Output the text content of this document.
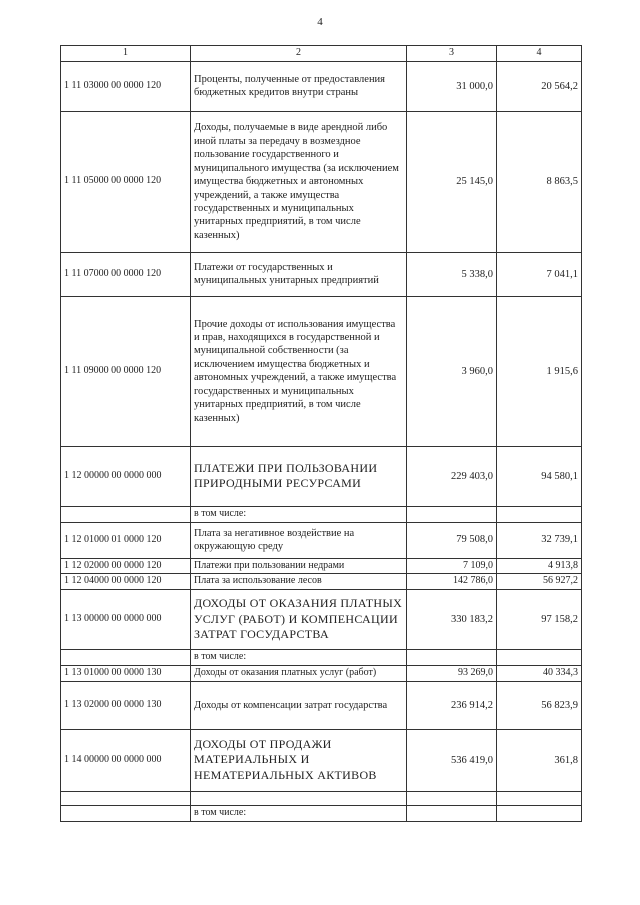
4
1	2	3	4
1 11 03000 00 0000 120	Проценты, полученные от предоставления бюджетных кредитов внутри страны	31 000,0	20 564,2
1 11 05000 00 0000 120	Доходы, получаемые в виде арендной либо иной платы за передачу в возмездное пользование государственного и муниципального имущества (за исключением имущества бюджетных и автономных учреждений, а также имущества государственных и муниципальных унитарных предприятий, в том числе казенных)	25 145,0	8 863,5
1 11 07000 00 0000 120	Платежи от государственных и муниципальных унитарных предприятий	5 338,0	7 041,1
1 11 09000 00 0000 120	Прочие доходы от использования имущества и прав, находящихся в государственной и муниципальной собственности (за исключением имущества бюджетных и автономных учреждений, а также имущества государственных и муниципальных унитарных предприятий, в том числе казенных)	3 960,0	1 915,6
1 12 00000 00 0000 000	ПЛАТЕЖИ ПРИ ПОЛЬЗОВАНИИ ПРИРОДНЫМИ РЕСУРСАМИ	229 403,0	94 580,1
	в том числе:		
1 12 01000 01 0000 120	Плата за негативное воздействие на окружающую среду	79 508,0	32 739,1
1 12 02000 00 0000 120	Платежи при пользовании недрами	7 109,0	4 913,8
1 12 04000 00 0000 120	Плата за использование лесов	142 786,0	56 927,2
1 13 00000 00 0000 000	ДОХОДЫ ОТ ОКАЗАНИЯ ПЛАТНЫХ УСЛУГ (РАБОТ) И КОМПЕНСАЦИИ ЗАТРАТ ГОСУДАРСТВА	330 183,2	97 158,2
	в том числе:		
1 13 01000 00 0000 130	Доходы от оказания платных услуг (работ)	93 269,0	40 334,3
1 13 02000 00 0000 130	Доходы от компенсации затрат государства	236 914,2	56 823,9
1 14 00000 00 0000 000	ДОХОДЫ ОТ ПРОДАЖИ МАТЕРИАЛЬНЫХ И НЕМАТЕРИАЛЬНЫХ АКТИВОВ	536 419,0	361,8

	в том числе:		
